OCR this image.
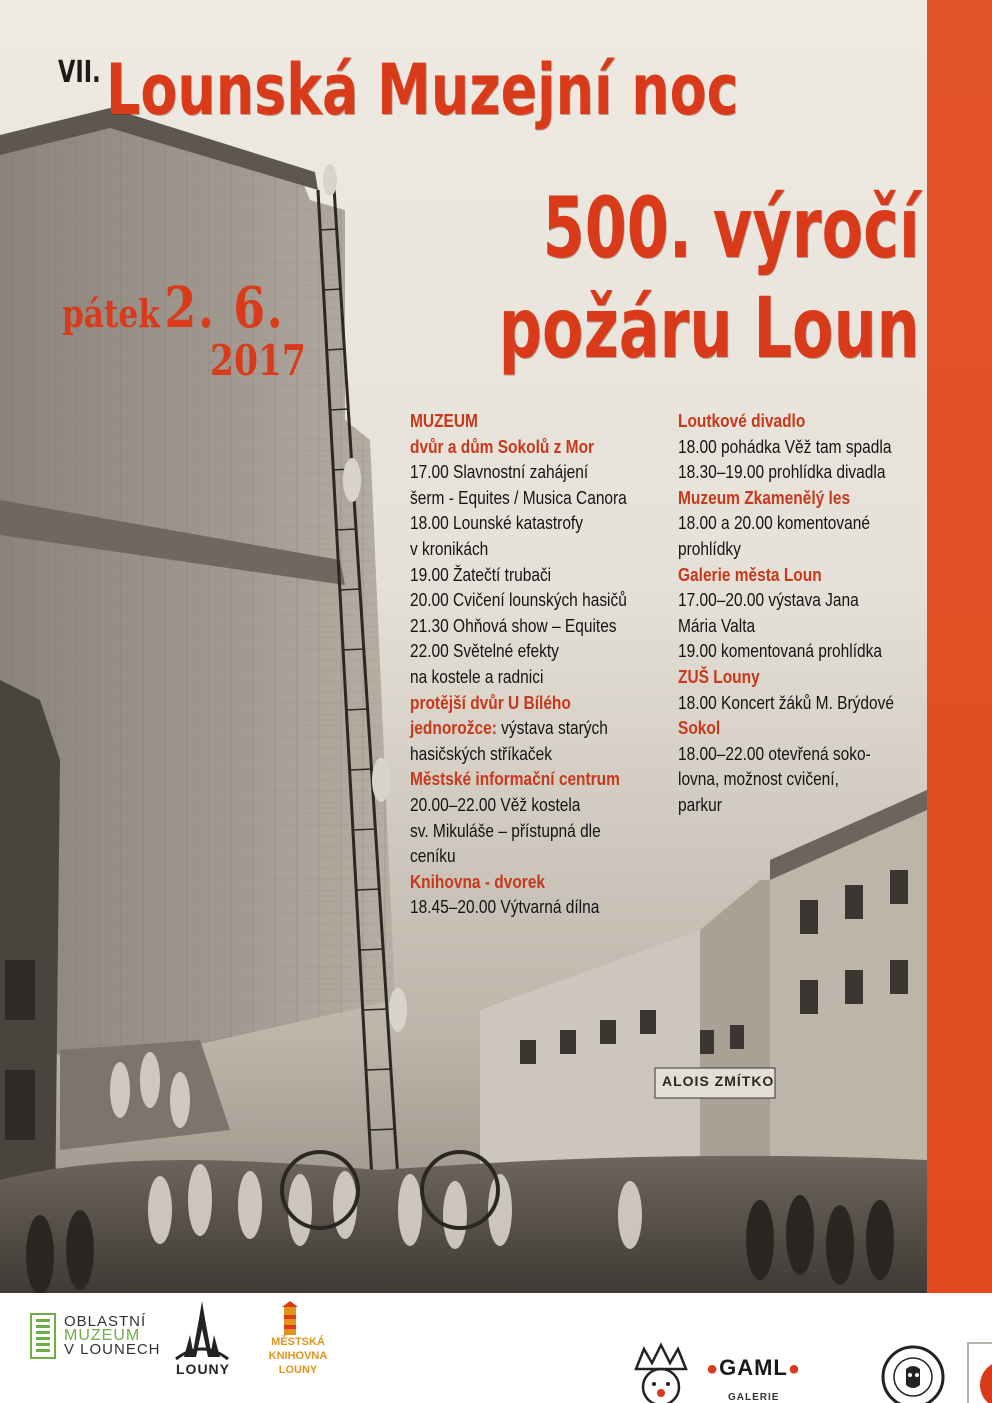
ALOIS ZMÍTKO
VII. Lounská Muzejní noc
500. výročí
požáru Loun
pátek 2. 6.
2017
MUZEUM
dvůr a dům Sokolů z Mor
17.00 Slavnostní zahájení
šerm - Equites / Musica Canora
18.00 Lounské katastrofy
v kronikách
19.00 Žatečtí trubači
20.00 Cvičení lounských hasičů
21.30 Ohňová show – Equites
22.00 Světelné efekty
na kostele a radnici
protější dvůr U Bílého
jednorožce: výstava starých
hasičských stříkaček
Městské informační centrum
20.00–22.00 Věž kostela
sv. Mikuláše – přístupná dle
ceníku
Knihovna - dvorek
18.45–20.00 Výtvarná dílna
Loutkové divadlo
18.00 pohádka Věž tam spadla
18.30–19.00 prohlídka divadla
Muzeum Zkamenělý les
18.00 a 20.00 komentované
prohlídky
Galerie města Loun
17.00–20.00 výstava Jana
Mária Valta
19.00 komentovaná prohlídka
ZUŠ Louny
18.00 Koncert žáků M. Brýdové
Sokol
18.00–22.00 otevřená soko-
lovna, možnost cvičení,
parkur
OBLASTNÍ
MUZEUM
V LOUNECH
LOUNY
MĚSTSKÁ
KNIHOVNA
LOUNY	●GAML●
GALERIE
